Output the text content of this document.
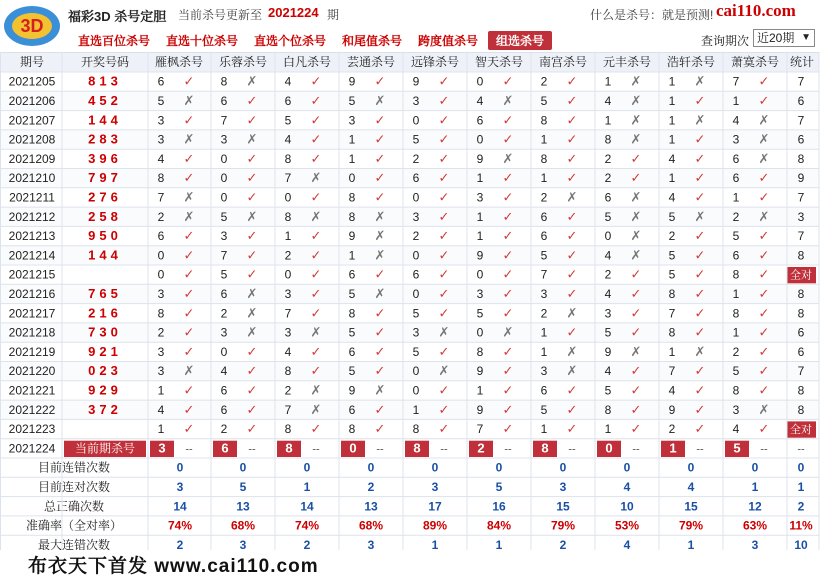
3D 福彩3D 杀号定胆 当前杀号更新至 2021224 期	什么是杀号：就是预测! cai110.com
直选百位杀号 直选十位杀号 直选个位杀号 和尾值杀号 跨度值杀号	组选杀号	查询期次 近20期 ▼
期号	开奖号码 雁枫杀号 乐蓉杀号 白凡杀号 芸通杀号 远锋杀号 智天杀号 南宫杀号 元丰杀号 浩轩杀号 萧寞杀号 统计
2021205	813	6 ✓ 8 ✗ 4 ✓ 9 ✓ 9 ✓ 0 ✓ 2 ✓ 1 ✗ 1 ✗ 7 ✓ 7
2021206	452	5 ✗ 6 ✓ 6 ✓ 5 ✗ 3 ✓ 4 ✗ 5 ✓ 4 ✗ 1 ✓ 1 ✓ 6
2021207	144	3 ✓ 7 ✓ 5 ✓ 3 ✓ 0 ✓ 6 ✓ 8 ✓ 1 ✗ 1 ✗ 4 ✗ 7
2021208	283	3 ✗ 3 ✗ 4 ✓ 1 ✓ 5 ✓ 0 ✓ 1 ✓ 8 ✗ 1 ✓ 3 ✗ 6
2021209	396	4 ✓ 0 ✓ 8 ✓ 1 ✓ 2 ✓ 9 ✗ 8 ✓ 2 ✓ 4 ✓ 6 ✗ 8
2021210	797	8 ✓ 0 ✓ 7 ✗ 0 ✓ 6 ✓ 1 ✓ 1 ✓ 2 ✓ 1 ✓ 6 ✓ 9
2021211	276	7 ✗ 0 ✓ 0 ✓ 8 ✓ 0 ✓ 3 ✓ 2 ✗ 6 ✗ 4 ✓ 1 ✓ 7
2021212	258	2 ✗ 5 ✗ 8 ✗ 8 ✗ 3 ✓ 1 ✓ 6 ✓ 5 ✗ 5 ✗ 2 ✗ 3
2021213	950	6 ✓ 3 ✓ 1 ✓ 9 ✗ 2 ✓ 1 ✓ 6 ✓ 0 ✗ 2 ✓ 5 ✓ 7
2021214	144	0 ✓ 7 ✓ 2 ✓ 1 ✗ 0 ✓ 9 ✓ 5 ✓ 4 ✗ 5 ✓ 6 ✓ 8
2021215	0 ✓ 5 ✓ 0 ✓ 6 ✓ 6 ✓ 0 ✓ 7 ✓ 2 ✓ 5 ✓ 8 ✓ 全对
2021216	765	3 ✓ 6 ✗ 3 ✓ 5 ✗ 0 ✓ 3 ✓ 3 ✓ 4 ✓ 8 ✓ 1 ✓ 8
2021217	216	8 ✓ 2 ✗ 7 ✓ 8 ✓ 5 ✓ 5 ✓ 2 ✗ 3 ✓ 7 ✓ 8 ✓ 8
2021218	730	2 ✓ 3 ✗ 3 ✗ 5 ✓ 3 ✗ 0 ✗ 1 ✓ 5 ✓ 8 ✓ 1 ✓ 6
2021219	921	3 ✓ 0 ✓ 4 ✓ 6 ✓ 5 ✓ 8 ✓ 1 ✗ 9 ✗ 1 ✗ 2 ✓ 6
2021220	023	3 ✗ 4 ✓ 8 ✓ 5 ✓ 0 ✗ 9 ✓ 3 ✗ 4 ✓ 7 ✓ 5 ✓ 7
2021221	929	1 ✓ 6 ✓ 2 ✗ 9 ✗ 0 ✓ 1 ✓ 6 ✓ 5 ✓ 4 ✓ 8 ✓ 8
2021222	372	4 ✓ 6 ✓ 7 ✗ 6 ✓ 1 ✓ 9 ✓ 5 ✓ 8 ✓ 9 ✓ 3 ✗ 8
2021223	1 ✓ 2 ✓ 8 ✓ 8 ✓ 8 ✓ 7 ✓ 1 ✓ 1 ✓ 2 ✓ 4 ✓ 全对
2021224 当前期杀号 3 -- 6 -- 8 -- 0 -- 8 -- 2 -- 8 -- 0 -- 1 -- 5 --	--
目前连错次数	0	0	0	0	0	0	0	0	0	0	0
目前连对次数	3	5	1	2	3	5	3	4	4	1	1
总正确次数	14	13	14	13	17	16	15	10	15	12	2
准确率（全对率）	74%	68%	74%	68%	89%	84%	79%	53%	79%	63% 11%
最大连错次数	2	3	2	3	1	1	2	4	1	3	10
布衣天下首发 www.cai110.com
